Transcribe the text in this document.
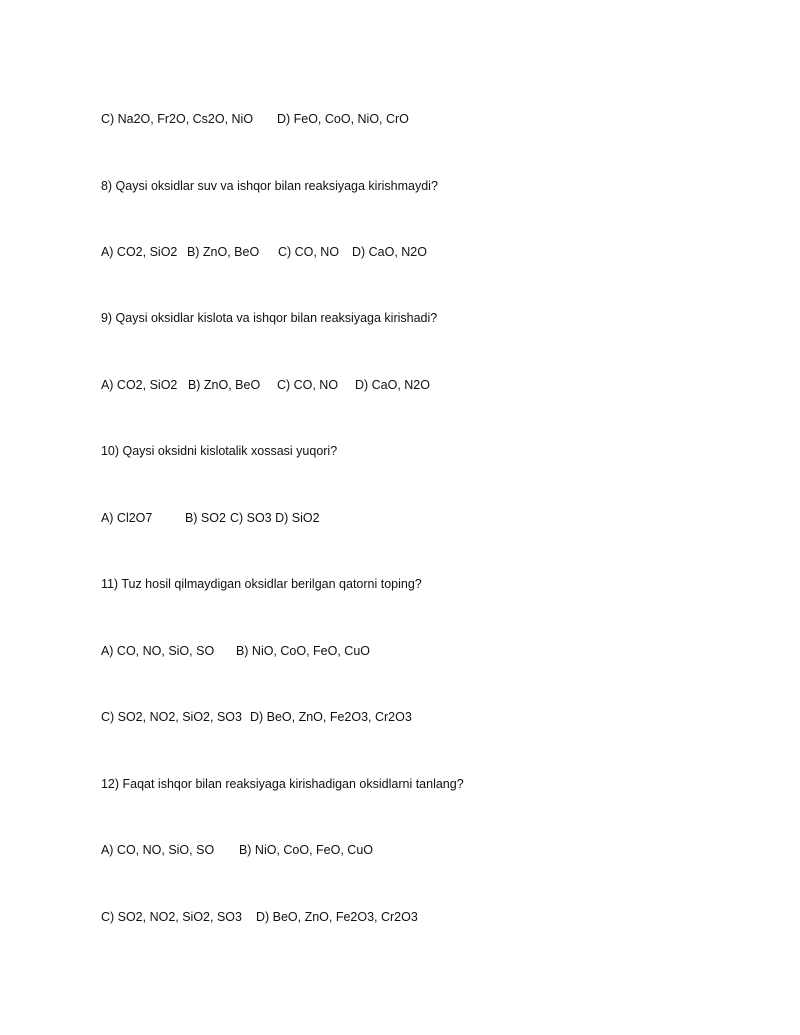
C) Na2O, Fr2O, Cs2O, NiO D) FeO, CoO, NiO, CrO

8) Qaysi oksidlar suv va ishqor bilan reaksiyaga kirishmaydi?

A) CO2, SiO2 B) ZnO, BeO C) CO, NO D) CaO, N2O

9) Qaysi oksidlar kislota va ishqor bilan reaksiyaga kirishadi?

A) CO2, SiO2 B) ZnO, BeO C) CO, NO D) CaO, N2O

10) Qaysi oksidni kislotalik xossasi yuqori?

A) Cl2O7	B) SO2 C) SO3 D) SiO2

11) Tuz hosil qilmaydigan oksidlar berilgan qatorni toping?

A) CO, NO, SiO, SO B) NiO, CoO, FeO, CuO

C) SO2, NO2, SiO2, SO3 D) BeO, ZnO, Fe2O3, Cr2O3

12) Faqat ishqor bilan reaksiyaga kirishadigan oksidlarni tanlang?

A) CO, NO, SiO, SO B) NiO, CoO, FeO, CuO

C) SO2, NO2, SiO2, SO3 D) BeO, ZnO, Fe2O3, Cr2O3
